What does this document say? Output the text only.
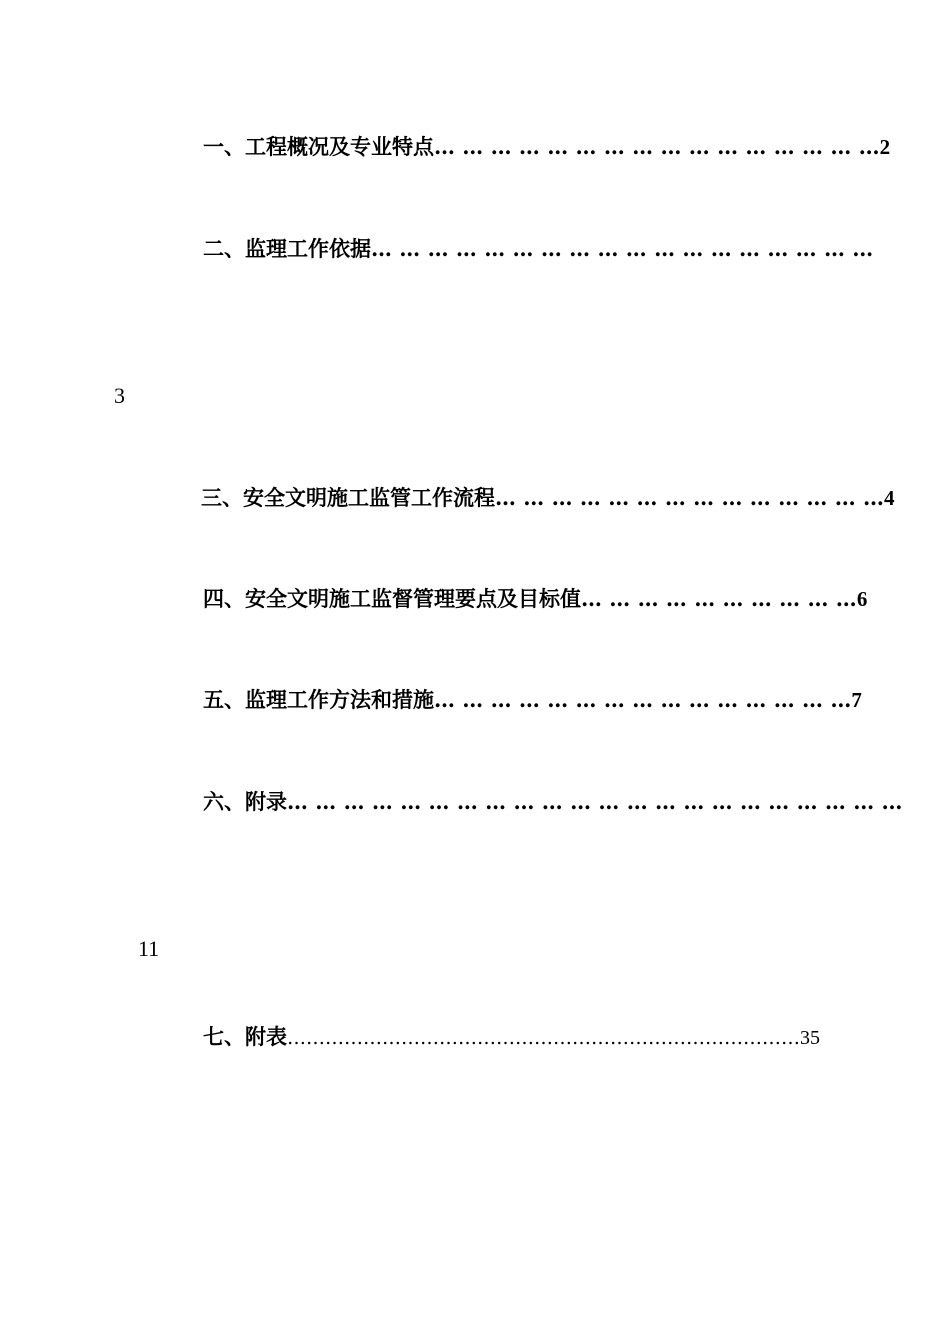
一、工程概况及专业特点… … … … … … … … … … … … … … … …2
二、监理工作依据… … … … … … … … … … … … … … … … … …
3
三、安全文明施工监管工作流程… … … … … … … … … … … … … …4
四、安全文明施工监督管理要点及目标值… … … … … … … … … …6
五、监理工作方法和措施… … … … … … … … … … … … … … …7
六、附录… … … … … … … … … … … … … … … … … … … … … …
11
七、附表………………………………………………………………………35
